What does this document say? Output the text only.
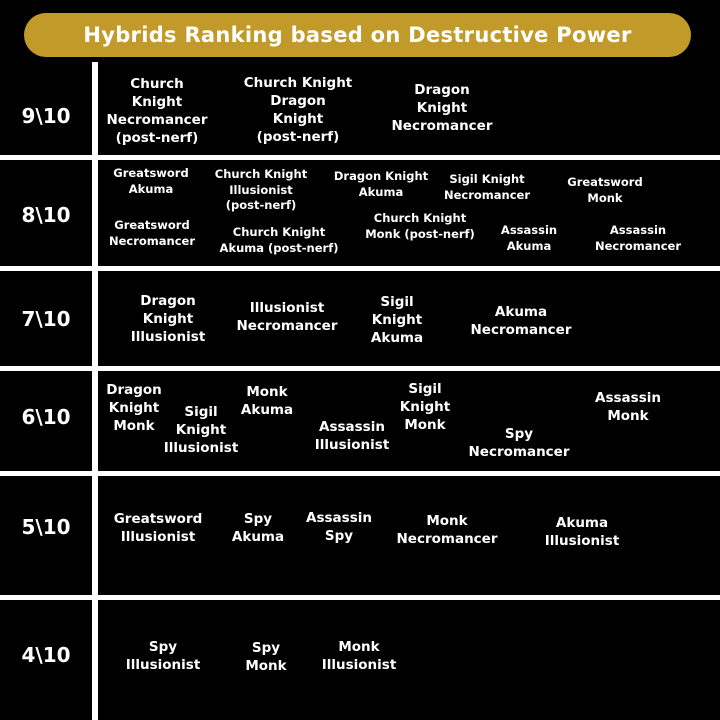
Hybrids Ranking based on Destructive Power
9\10
Church
Knight
Necromancer
(post-nerf)
Church Knight
Dragon
Knight
(post-nerf)
Dragon
Knight
Necromancer
8\10
Greatsword
Akuma
Church Knight
Illusionist
(post-nerf)
Dragon Knight
Akuma
Sigil Knight
Necromancer
Greatsword
Monk
Greatsword
Necromancer
Church Knight
Akuma (post-nerf)
Church Knight
Monk (post-nerf) Assassin
Akuma
Assassin
Necromancer
7\10
Dragon
Knight
Illusionist
Illusionist
Necromancer
Sigil
Knight
Akuma
Akuma
Necromancer
6\10
Dragon
Knight
Monk
Sigil
Knight
Illusionist
Monk
Akuma
Assassin
Illusionist
Sigil
Knight
Monk
Spy
Necromancer
Assassin
Monk
5\10	Greatsword
Illusionist
Spy
Akuma
Assassin
Spy
Monk
Necromancer
Akuma
Illusionist
4\10	Spy
Illusionist
Spy
Monk
Monk
Illusionist
